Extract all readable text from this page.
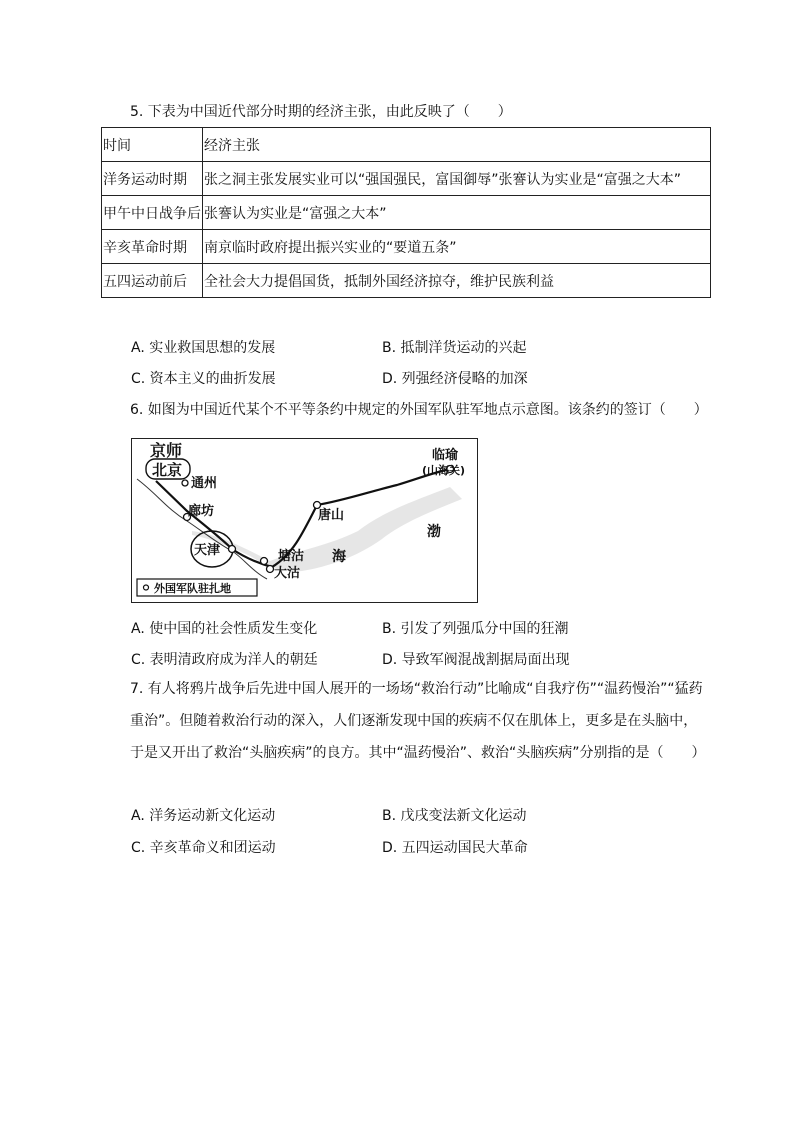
5. 下表为中国近代部分时期的经济主张，由此反映了（　　）
时间	经济主张
洋务运动时期	张之洞主张发展实业可以“强国强民，富国御辱”张謇认为实业是“富强之大本”
甲午中日战争后	张謇认为实业是“富强之大本”
辛亥革命时期	南京临时政府提出振兴实业的“要道五条”
五四运动前后	全社会大力提倡国货，抵制外国经济掠夺，维护民族利益
A. 实业救国思想的发展	B. 抵制洋货运动的兴起
C. 资本主义的曲折发展	D. 列强经济侵略的加深
6. 如图为中国近代某个不平等条约中规定的外国军队驻军地点示意图。该条约的签订（　　）
京师
北京
通州
廊坊	唐山
临瑜
(山海关)
天津	塘沽
大沽
渤
海
外国军队驻扎地
A. 使中国的社会性质发生变化	B. 引发了列强瓜分中国的狂潮
C. 表明清政府成为洋人的朝廷	D. 导致军阀混战割据局面出现
7. 有人将鸦片战争后先进中国人展开的一场场“救治行动”比喻成“自我疗伤”“温药慢治”“猛药重治”。但随着救治行动的深入，人们逐渐发现中国的疾病不仅在肌体上，更多是在头脑中，于是又开出了救治“头脑疾病”的良方。其中“温药慢治”、救治“头脑疾病”分别指的是（　　）
A. 洋务运动新文化运动	B. 戊戌变法新文化运动
C. 辛亥革命义和团运动	D. 五四运动国民大革命
